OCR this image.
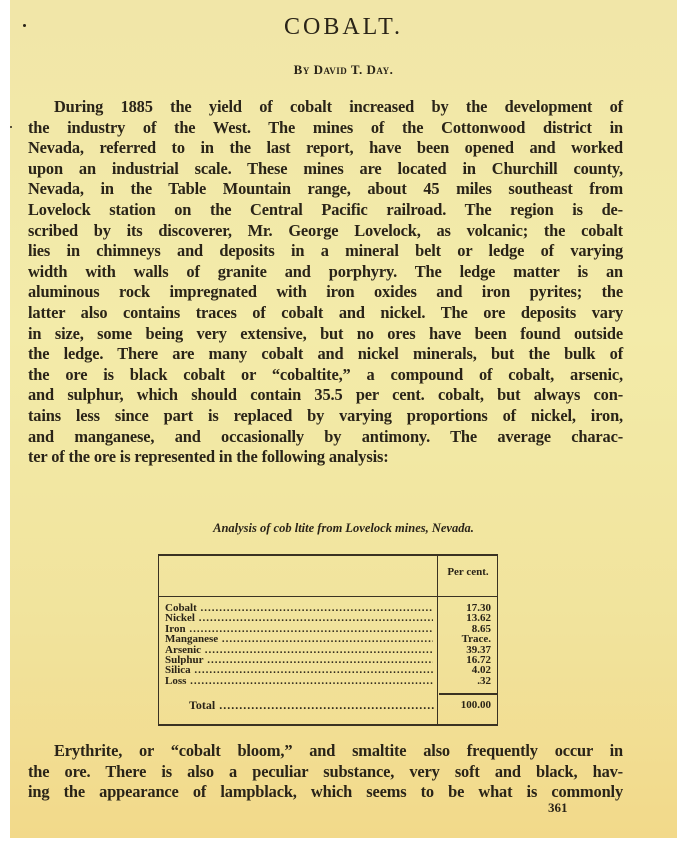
COBALT.
By David T. Day.
During 1885 the yield of cobalt increased by the development of
the industry of the West. The mines of the Cottonwood district in
Nevada, referred to in the last report, have been opened and worked
upon an industrial scale. These mines are located in Churchill county,
Nevada, in the Table Mountain range, about 45 miles southeast from
Lovelock station on the Central Pacific railroad. The region is de-
scribed by its discoverer, Mr. George Lovelock, as volcanic; the cobalt
lies in chimneys and deposits in a mineral belt or ledge of varying
width with walls of granite and porphyry. The ledge matter is an
aluminous rock impregnated with iron oxides and iron pyrites; the
latter also contains traces of cobalt and nickel. The ore deposits vary
in size, some being very extensive, but no ores have been found outside
the ledge. There are many cobalt and nickel minerals, but the bulk of
the ore is black cobalt or “cobaltite,” a compound of cobalt, arsenic,
and sulphur, which should contain 35.5 per cent. cobalt, but always con-
tains less since part is replaced by varying proportions of nickel, iron,
and manganese, and occasionally by antimony. The average charac-
ter of the ore is represented in the following analysis:
Analysis of cob ltite from Lovelock mines, Nevada.
Per cent.
Cobalt .....	17.30
Nickel .....	13.62
Iron .....	8.65
Manganese .....	Trace.
Arsenic .....	39.37
Sulphur .....	16.72
Silica .....	4.02
Loss .....	.32
Total .....	100.00
Erythrite, or “cobalt bloom,” and smaltite also frequently occur in
the ore. There is also a peculiar substance, very soft and black, hav-
ing the appearance of lampblack, which seems to be what is commonly
361
